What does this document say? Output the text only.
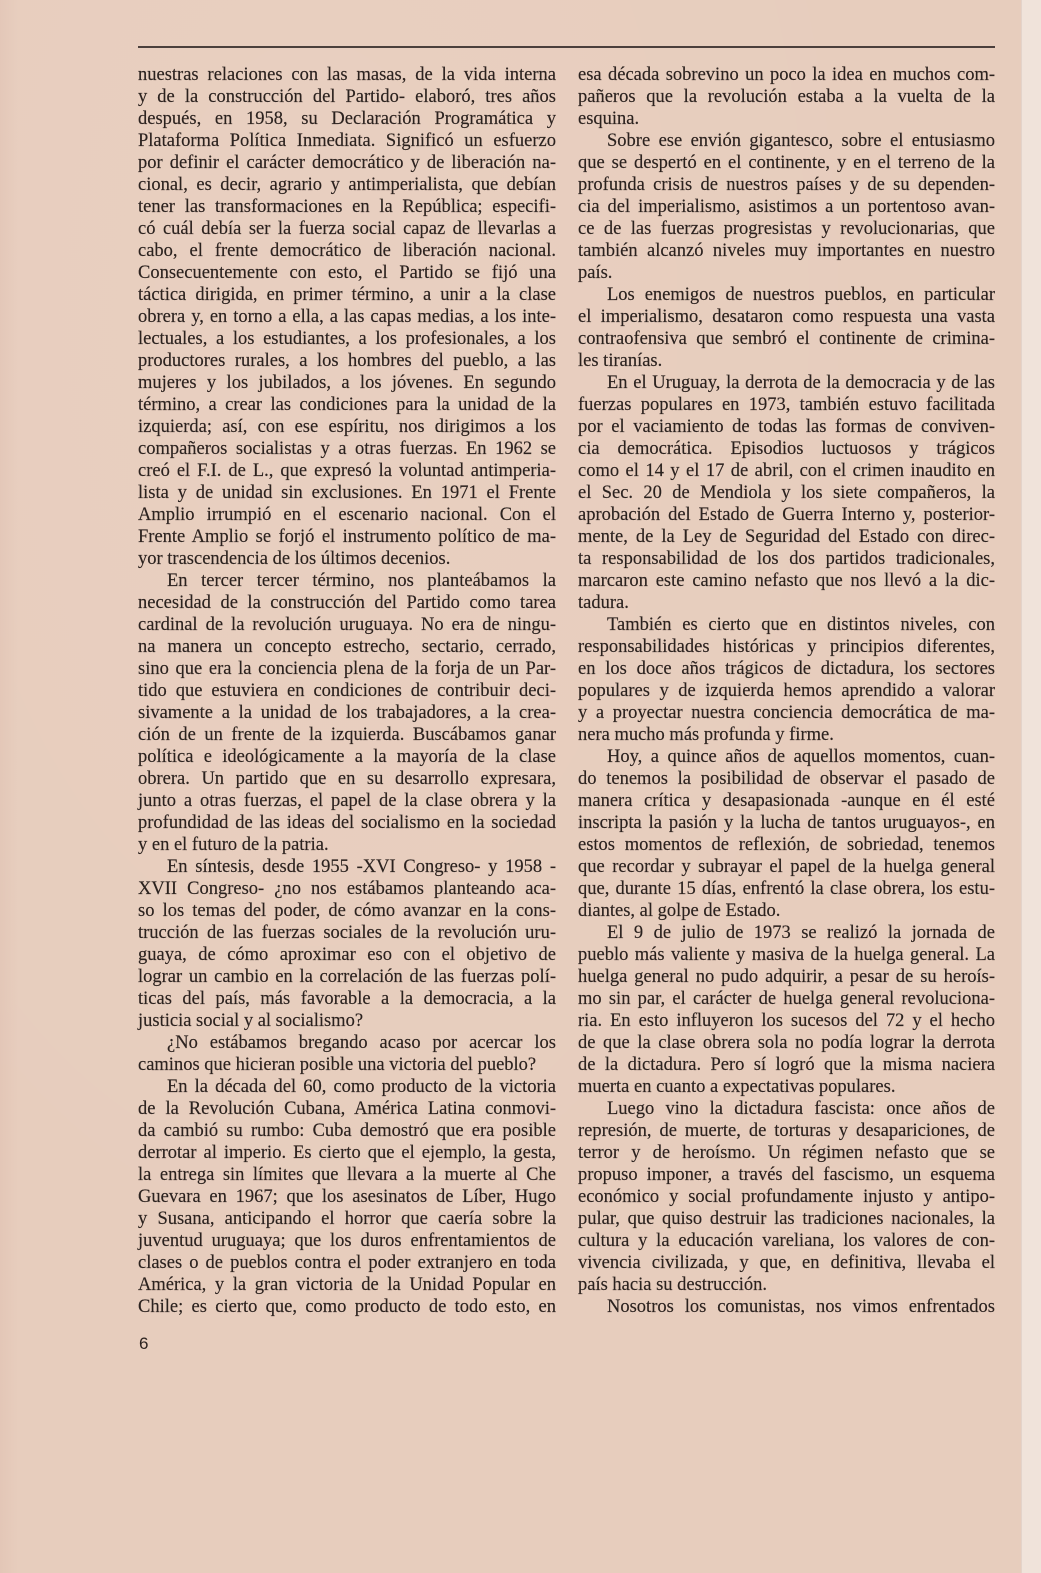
nuestras relaciones con las masas, de la vida interna
y de la construcción del Partido- elaboró, tres años
después, en 1958, su Declaración Programática y
Plataforma Política Inmediata. Significó un esfuerzo
por definir el carácter democrático y de liberación na-
cional, es decir, agrario y antimperialista, que debían
tener las transformaciones en la República; especifi-
có cuál debía ser la fuerza social capaz de llevarlas a
cabo, el frente democrático de liberación nacional.
Consecuentemente con esto, el Partido se fijó una
táctica dirigida, en primer término, a unir a la clase
obrera y, en torno a ella, a las capas medias, a los inte-
lectuales, a los estudiantes, a los profesionales, a los
productores rurales, a los hombres del pueblo, a las
mujeres y los jubilados, a los jóvenes. En segundo
término, a crear las condiciones para la unidad de la
izquierda; así, con ese espíritu, nos dirigimos a los
compañeros socialistas y a otras fuerzas. En 1962 se
creó el F.I. de L., que expresó la voluntad antimperia-
lista y de unidad sin exclusiones. En 1971 el Frente
Amplio irrumpió en el escenario nacional. Con el
Frente Amplio se forjó el instrumento político de ma-
yor trascendencia de los últimos decenios.
En tercer tercer término, nos planteábamos la
necesidad de la construcción del Partido como tarea
cardinal de la revolución uruguaya. No era de ningu-
na manera un concepto estrecho, sectario, cerrado,
sino que era la conciencia plena de la forja de un Par-
tido que estuviera en condiciones de contribuir deci-
sivamente a la unidad de los trabajadores, a la crea-
ción de un frente de la izquierda. Buscábamos ganar
política e ideológicamente a la mayoría de la clase
obrera. Un partido que en su desarrollo expresara,
junto a otras fuerzas, el papel de la clase obrera y la
profundidad de las ideas del socialismo en la sociedad
y en el futuro de la patria.
En síntesis, desde 1955 -XVI Congreso- y 1958 -
XVII Congreso- ¿no nos estábamos planteando aca-
so los temas del poder, de cómo avanzar en la cons-
trucción de las fuerzas sociales de la revolución uru-
guaya, de cómo aproximar eso con el objetivo de
lograr un cambio en la correlación de las fuerzas polí-
ticas del país, más favorable a la democracia, a la
justicia social y al socialismo?
¿No estábamos bregando acaso por acercar los
caminos que hicieran posible una victoria del pueblo?
En la década del 60, como producto de la victoria
de la Revolución Cubana, América Latina conmovi-
da cambió su rumbo: Cuba demostró que era posible
derrotar al imperio. Es cierto que el ejemplo, la gesta,
la entrega sin límites que llevara a la muerte al Che
Guevara en 1967; que los asesinatos de Líber, Hugo
y Susana, anticipando el horror que caería sobre la
juventud uruguaya; que los duros enfrentamientos de
clases o de pueblos contra el poder extranjero en toda
América, y la gran victoria de la Unidad Popular en
Chile; es cierto que, como producto de todo esto, en
esa década sobrevino un poco la idea en muchos com-
pañeros que la revolución estaba a la vuelta de la
esquina.
Sobre ese envión gigantesco, sobre el entusiasmo
que se despertó en el continente, y en el terreno de la
profunda crisis de nuestros países y de su dependen-
cia del imperialismo, asistimos a un portentoso avan-
ce de las fuerzas progresistas y revolucionarias, que
también alcanzó niveles muy importantes en nuestro
país.
Los enemigos de nuestros pueblos, en particular
el imperialismo, desataron como respuesta una vasta
contraofensiva que sembró el continente de crimina-
les tiranías.
En el Uruguay, la derrota de la democracia y de las
fuerzas populares en 1973, también estuvo facilitada
por el vaciamiento de todas las formas de conviven-
cia democrática. Episodios luctuosos y trágicos
como el 14 y el 17 de abril, con el crimen inaudito en
el Sec. 20 de Mendiola y los siete compañeros, la
aprobación del Estado de Guerra Interno y, posterior-
mente, de la Ley de Seguridad del Estado con direc-
ta responsabilidad de los dos partidos tradicionales,
marcaron este camino nefasto que nos llevó a la dic-
tadura.
También es cierto que en distintos niveles, con
responsabilidades históricas y principios diferentes,
en los doce años trágicos de dictadura, los sectores
populares y de izquierda hemos aprendido a valorar
y a proyectar nuestra conciencia democrática de ma-
nera mucho más profunda y firme.
Hoy, a quince años de aquellos momentos, cuan-
do tenemos la posibilidad de observar el pasado de
manera crítica y desapasionada -aunque en él esté
inscripta la pasión y la lucha de tantos uruguayos-, en
estos momentos de reflexión, de sobriedad, tenemos
que recordar y subrayar el papel de la huelga general
que, durante 15 días, enfrentó la clase obrera, los estu-
diantes, al golpe de Estado.
El 9 de julio de 1973 se realizó la jornada de
pueblo más valiente y masiva de la huelga general. La
huelga general no pudo adquirir, a pesar de su heroís-
mo sin par, el carácter de huelga general revoluciona-
ria. En esto influyeron los sucesos del 72 y el hecho
de que la clase obrera sola no podía lograr la derrota
de la dictadura. Pero sí logró que la misma naciera
muerta en cuanto a expectativas populares.
Luego vino la dictadura fascista: once años de
represión, de muerte, de torturas y desapariciones, de
terror y de heroísmo. Un régimen nefasto que se
propuso imponer, a través del fascismo, un esquema
económico y social profundamente injusto y antipo-
pular, que quiso destruir las tradiciones nacionales, la
cultura y la educación vareliana, los valores de con-
vivencia civilizada, y que, en definitiva, llevaba el
país hacia su destrucción.
Nosotros los comunistas, nos vimos enfrentados
6
